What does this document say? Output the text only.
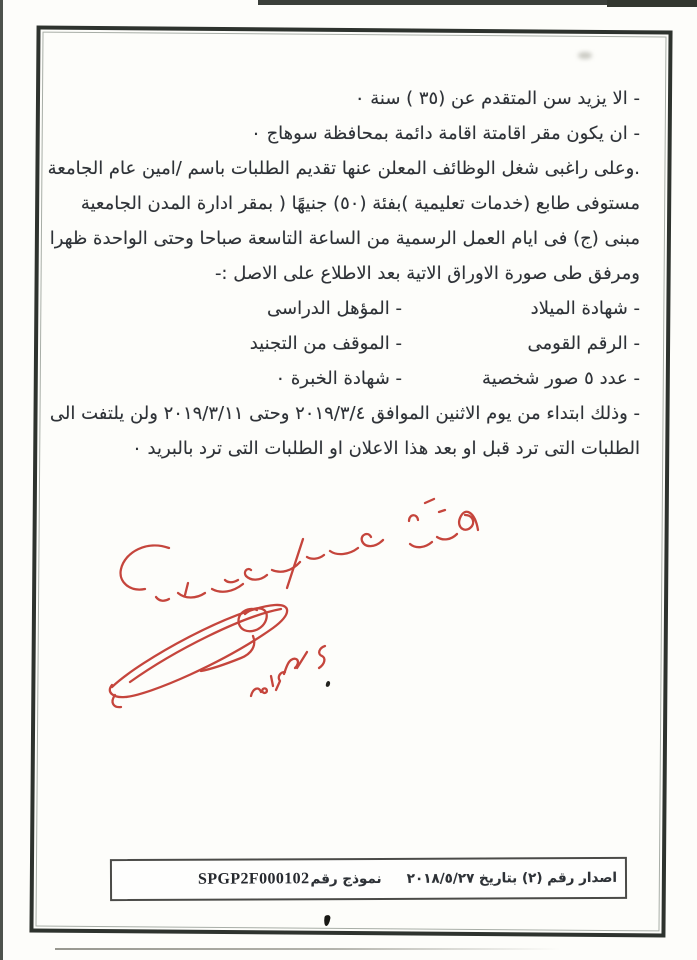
- الا يزيد سن المتقدم عن (٣٥ ) سنة ٠
- ان يكون مقر اقامتة اقامة دائمة بمحافظة سوهاج ٠
.وعلى راغبى شغل الوظائف المعلن عنها تقديم الطلبات باسم /امين عام الجامعة
مستوفى طابع (خدمات تعليمية )بفئة (٥٠) جنيهًا ( بمقر ادارة المدن الجامعية
مبنى (ج) فى ايام العمل الرسمية من الساعة التاسعة صباحا وحتى الواحدة ظهرا
ومرفق طى صورة الاوراق الاتية بعد الاطلاع على الاصل :-
- شهادة الميلاد
- المؤهل الدراسى
- الرقم القومى
- الموقف من التجنيد
- عدد ٥ صور شخصية
- شهادة الخبرة ٠
- وذلك ابتداء من يوم الاثنين الموافق ٢٠١٩/٣/٤ وحتى ٢٠١٩/٣/١١ ولن يلتفت الى
الطلبات التى ترد قبل او بعد هذا الاعلان او الطلبات التى ترد بالبريد ٠
اصدار رقم (٢) بتاريخ ٢٠١٨/٥/٢٧
SPGP2F000102 نموذج رقم
